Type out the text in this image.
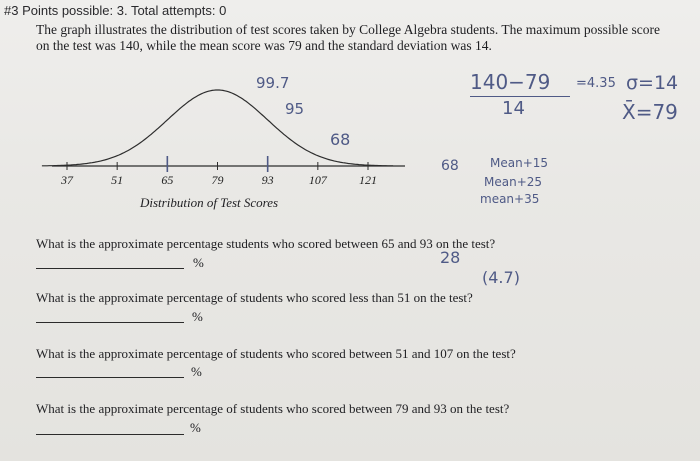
#3 Points possible: 3. Total attempts: 0
The graph illustrates the distribution of test scores taken by College Algebra students. The maximum possible score on the test was 140, while the mean score was 79 and the standard deviation was 14.
37	51	65	79	93	107	121
Distribution of Test Scores
What is the approximate percentage students who scored between 65 and 93 on the test?
%
What is the approximate percentage of students who scored less than 51 on the test?
%
What is the approximate percentage of students who scored between 51 and 107 on the test?
%
What is the approximate percentage of students who scored between 79 and 93 on the test?
%
99.7
95
68
140−79
14
=4.35 σ=14
X̄=79
68	Mean+15
Mean+25
mean+35
28
(4.7)
